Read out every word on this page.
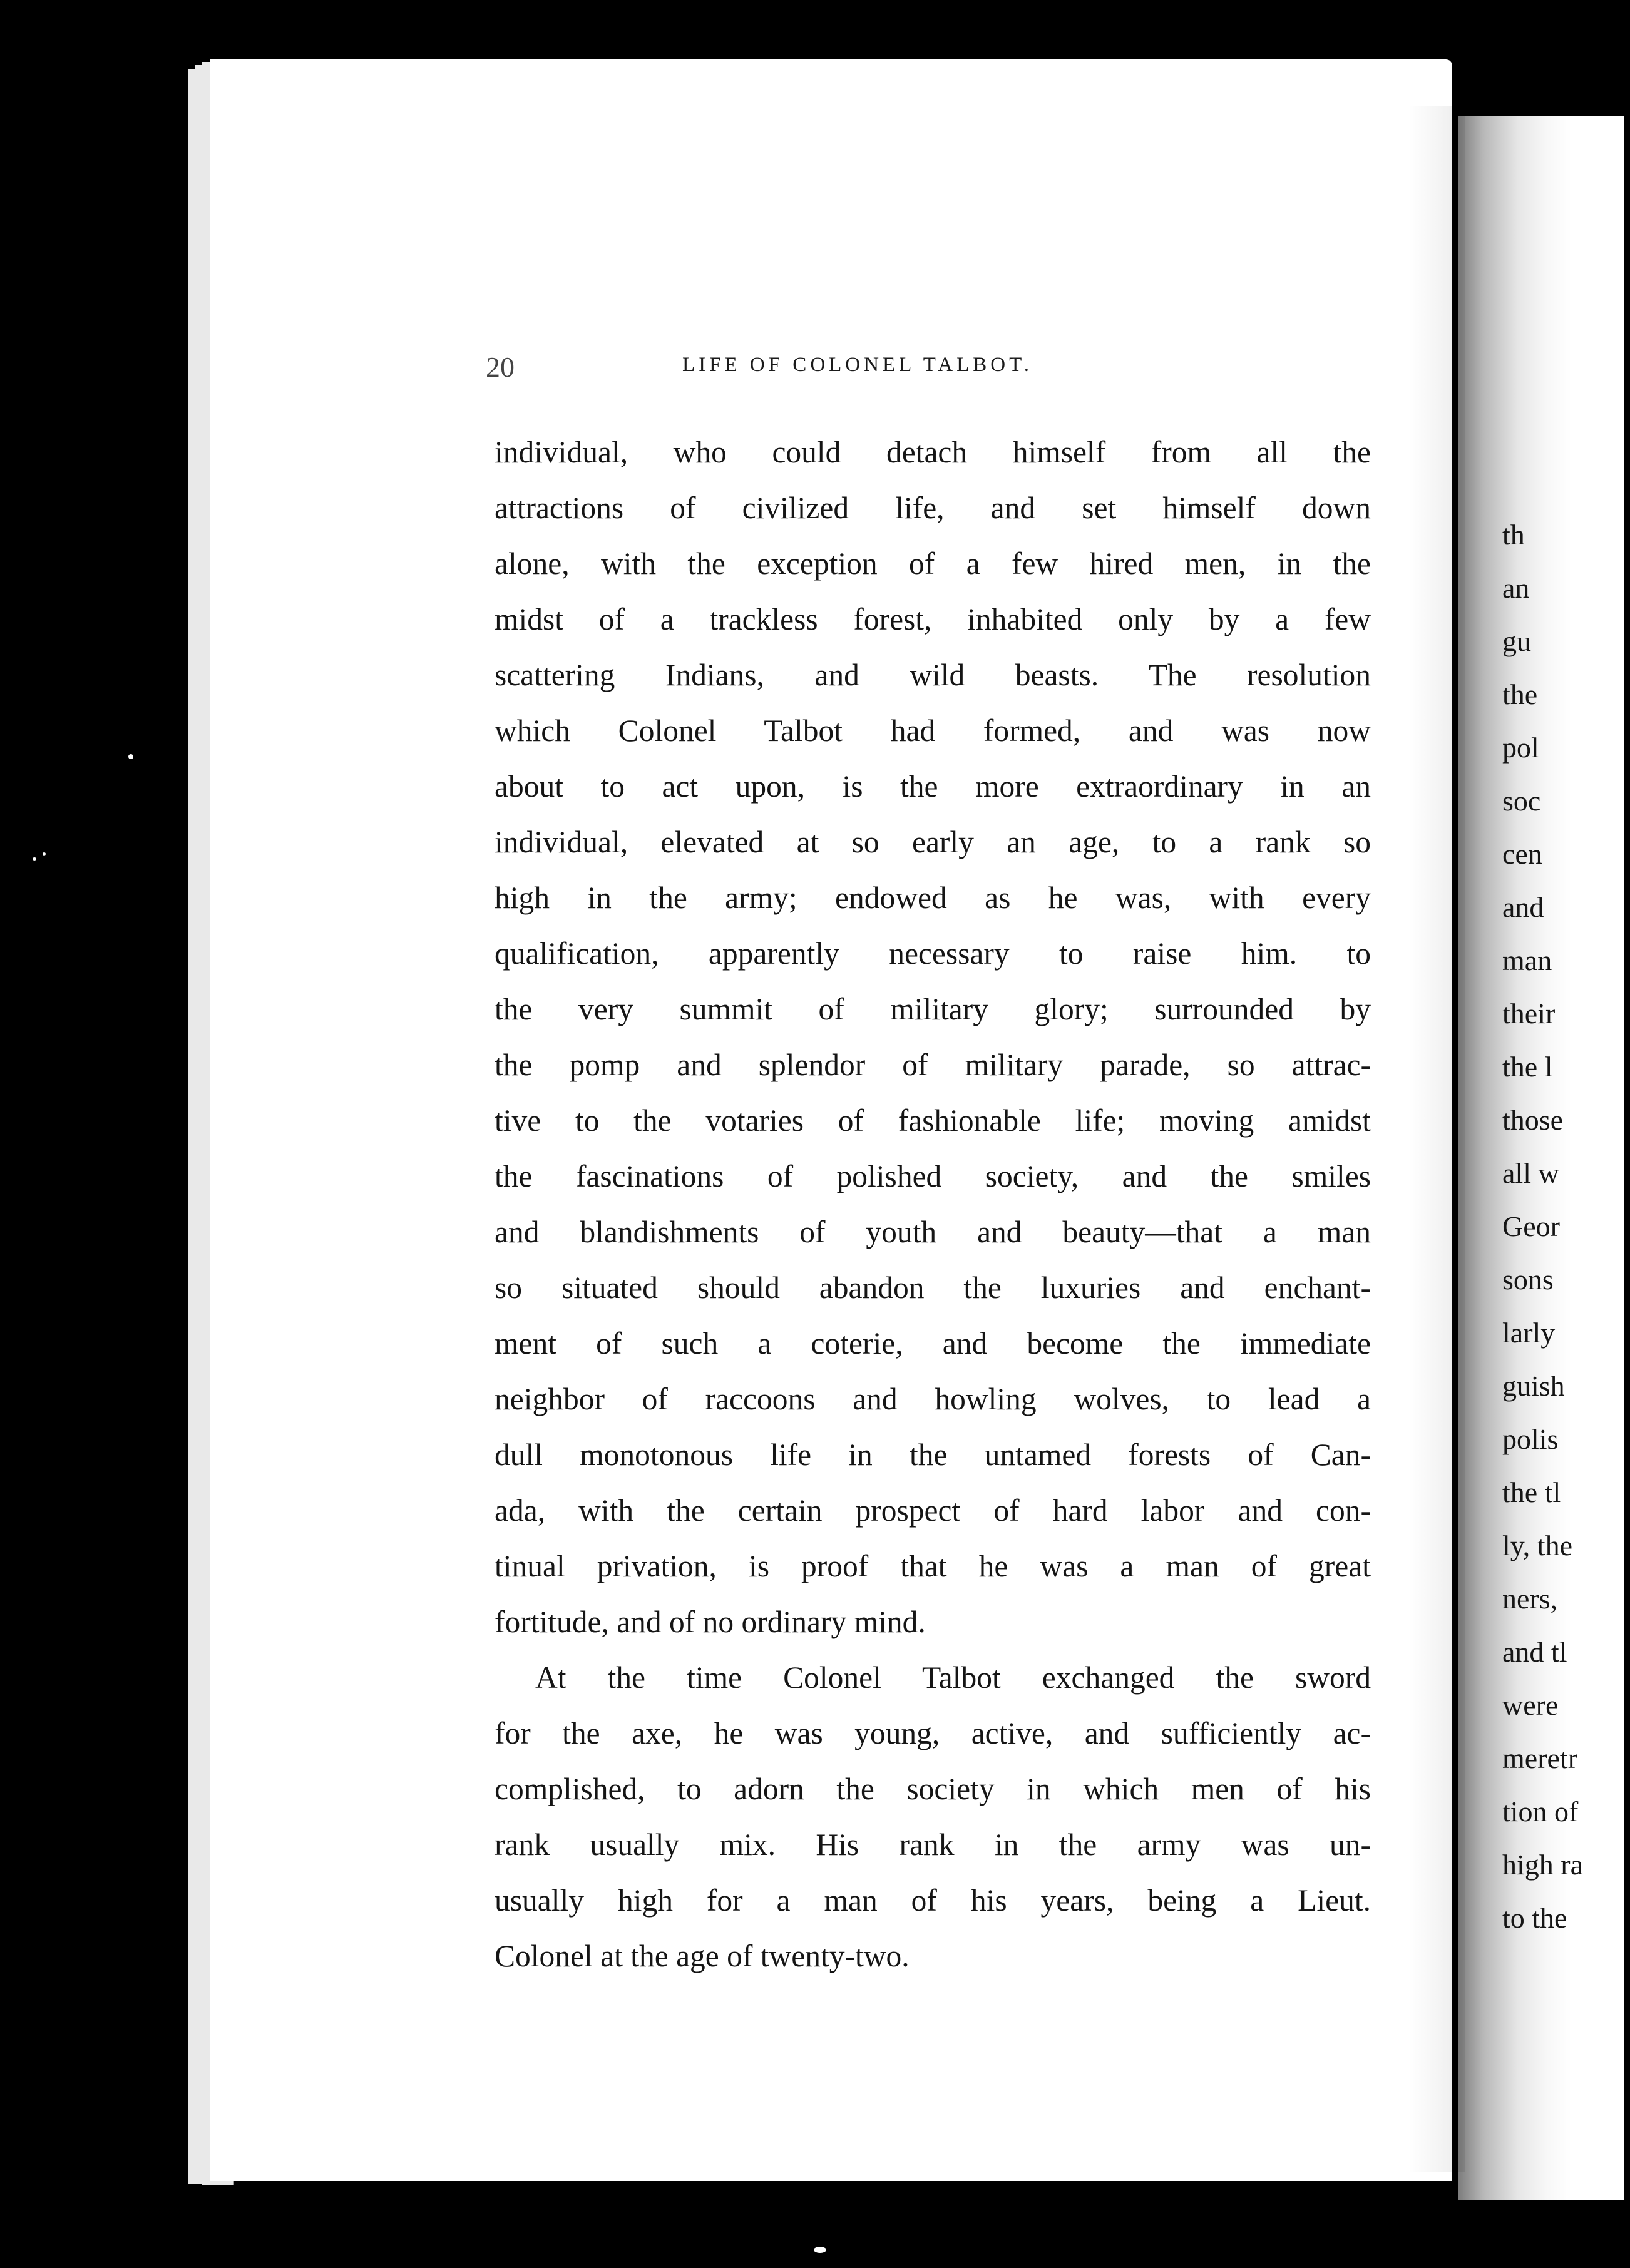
20	LIFE OF COLONEL TALBOT.
individual, who could detach himself from all the
attractions of civilized life, and set himself down
alone, with the exception of a few hired men, in the
midst of a trackless forest, inhabited only by a few
scattering Indians, and wild beasts. The resolution
which Colonel Talbot had formed, and was now
about to act upon, is the more extraordinary in an
individual, elevated at so early an age, to a rank so
high in the army; endowed as he was, with every
qualification, apparently necessary to raise him. to
the very summit of military glory; surrounded by
the pomp and splendor of military parade, so attrac-
tive to the votaries of fashionable life; moving amidst
the fascinations of polished society, and the smiles
and blandishments of youth and beauty—that a man
so situated should abandon the luxuries and enchant-
ment of such a coterie, and become the immediate
neighbor of raccoons and howling wolves, to lead a
dull monotonous life in the untamed forests of Can-
ada, with the certain prospect of hard labor and con-
tinual privation, is proof that he was a man of great
fortitude, and of no ordinary mind.
At the time Colonel Talbot exchanged the sword
for the axe, he was young, active, and sufficiently ac-
complished, to adorn the society in which men of his
rank usually mix. His rank in the army was un-
usually high for a man of his years, being a Lieut.
Colonel at the age of twenty-two.
th
an
gu
the
pol
soc
cen
and
man
their
the l
those
all w
Geor
sons
larly
guish
polis
the tl
ly, the
ners,
and tl
were
meretr
tion of
high ra
to the
